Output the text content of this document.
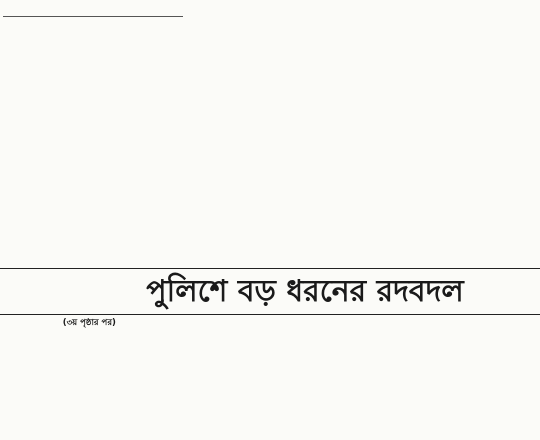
পুলিশে বড় ধরনের রদবদল
(৩য় পৃষ্ঠার পর)
